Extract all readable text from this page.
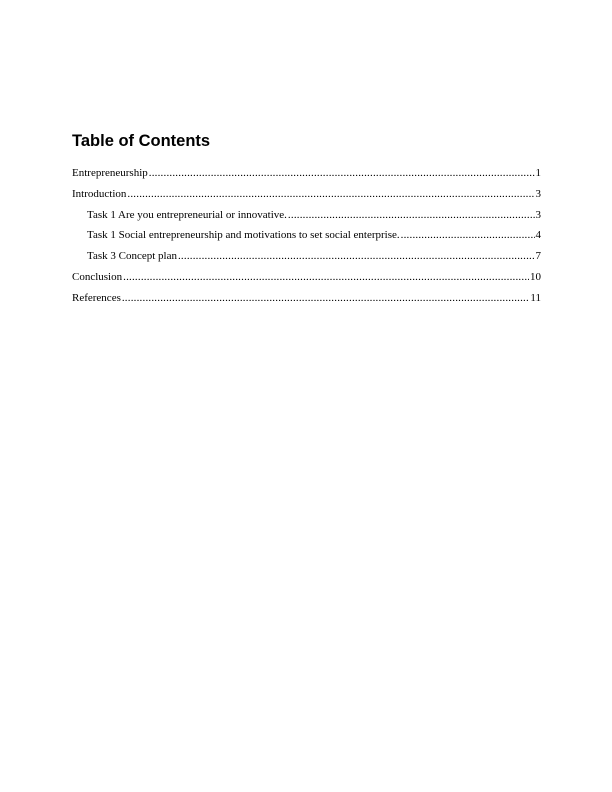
Table of Contents
Entrepreneurship .....	1
Introduction .....	3
Task 1 Are you entrepreneurial or innovative. .....	3
Task 1 Social entrepreneurship and motivations to set social enterprise. .....	4
Task 3 Concept plan .....	7
Conclusion .....	10
References .....	11
